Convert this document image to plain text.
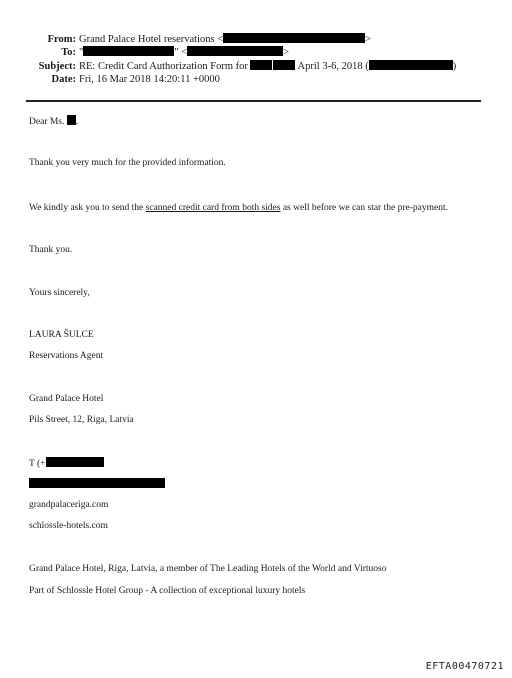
From: Grand Palace Hotel reservations <	>
To: "	" <	>
Subject: RE: Credit Card Authorization Form for	April 3-6, 2018 (	)
Date: Fri, 16 Mar 2018 14:20:11 +0000
Dear Ms. .
Thank you very much for the provided information.
We kindly ask you to send the scanned credit card from both sides as well before we can star the pre-payment.
Thank you.
Yours sincerely,
LAURA ŠULCE
Reservations Agent
Grand Palace Hotel
Pils Street, 12, Riga, Latvia
T (+
grandpalaceriga.com
schlossle-hotels.com
Grand Palace Hotel, Riga, Latvia, a member of The Leading Hotels of the World and Virtuoso
Part of Schlossle Hotel Group - A collection of exceptional luxury hotels
EFTA00470721
